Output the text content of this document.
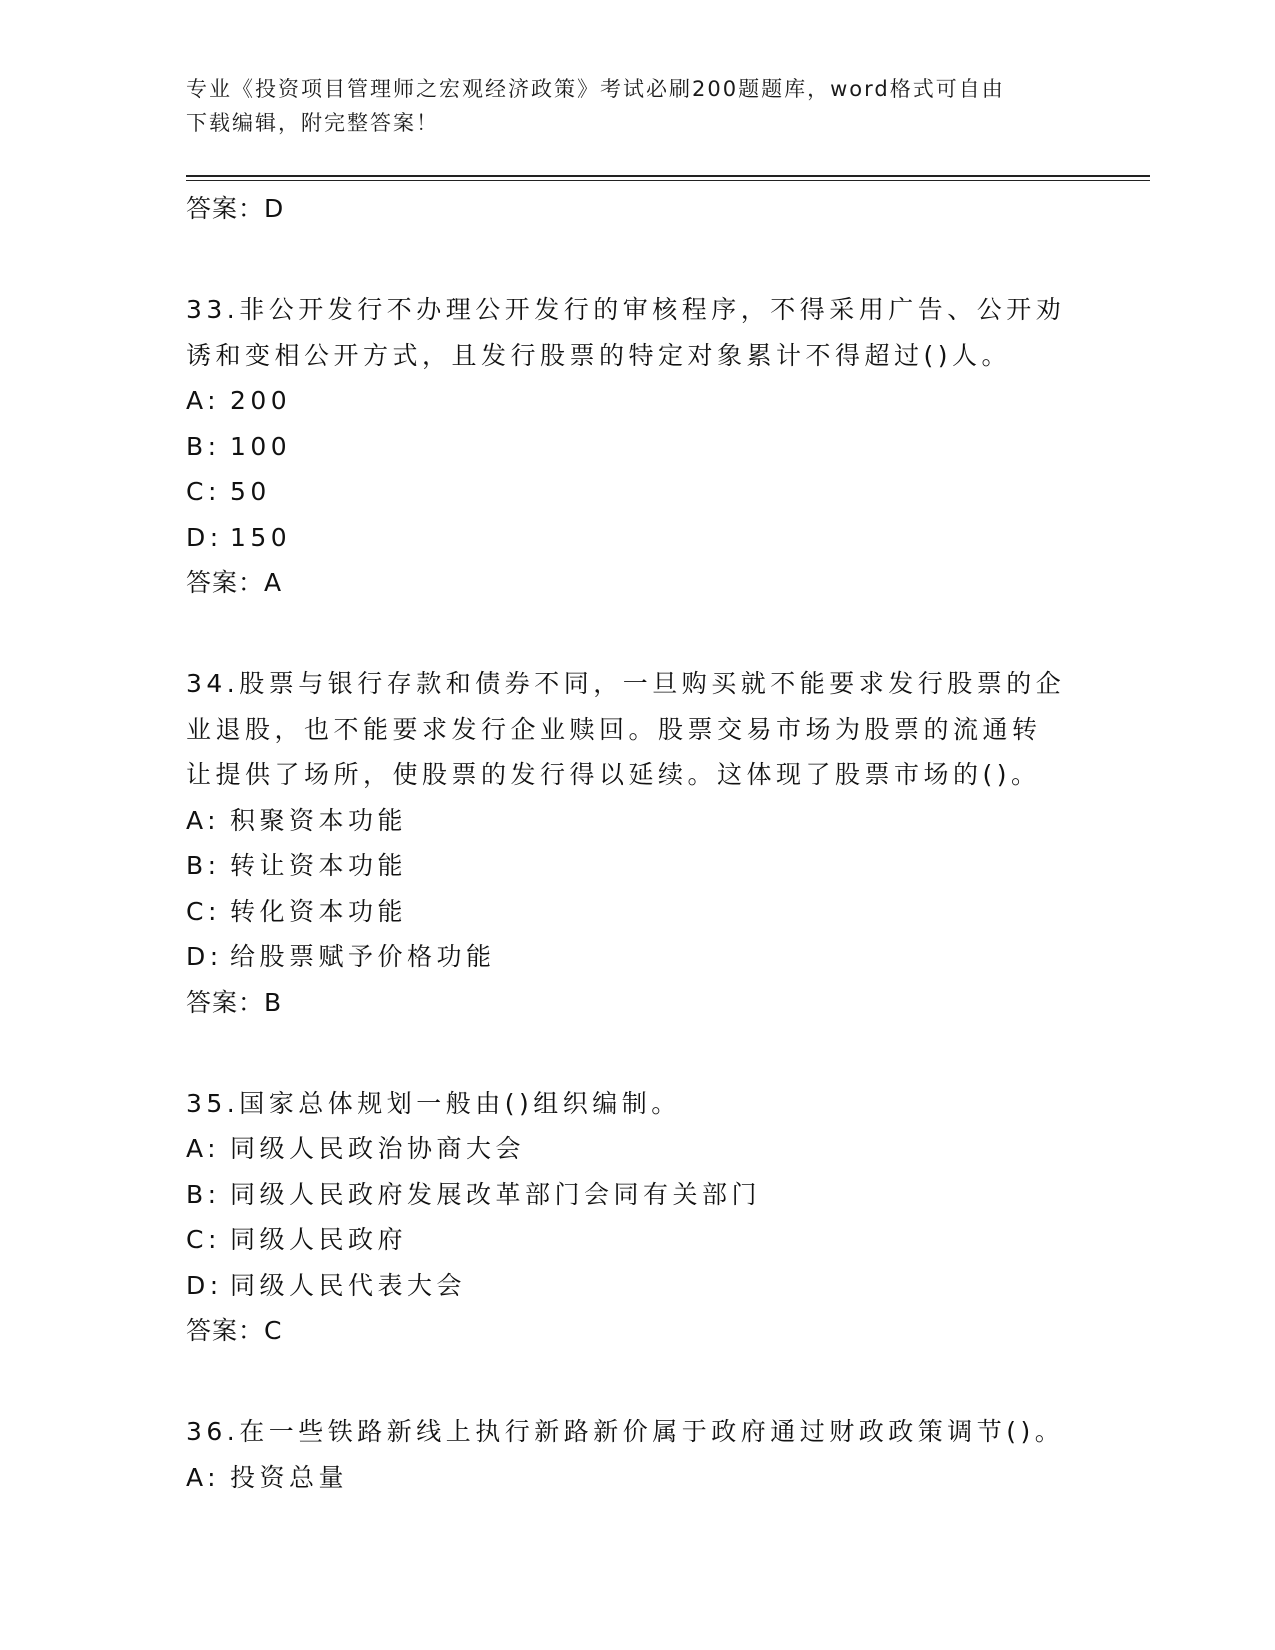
专业《投资项目管理师之宏观经济政策》考试必刷200题题库，word格式可自由
下载编辑，附完整答案！
答案：D
33.非公开发行不办理公开发行的审核程序，不得采用广告、公开劝诱和变相公开方式，且发行股票的特定对象累计不得超过()人。
A: 200
B: 100
C: 50
D: 150
答案：A
34.股票与银行存款和债券不同，一旦购买就不能要求发行股票的企业退股，也不能要求发行企业赎回。股票交易市场为股票的流通转让提供了场所，使股票的发行得以延续。这体现了股票市场的()。
A: 积聚资本功能
B: 转让资本功能
C: 转化资本功能
D: 给股票赋予价格功能
答案：B
35.国家总体规划一般由()组织编制。
A: 同级人民政治协商大会
B: 同级人民政府发展改革部门会同有关部门
C: 同级人民政府
D: 同级人民代表大会
答案：C
36.在一些铁路新线上执行新路新价属于政府通过财政政策调节()。
A: 投资总量
